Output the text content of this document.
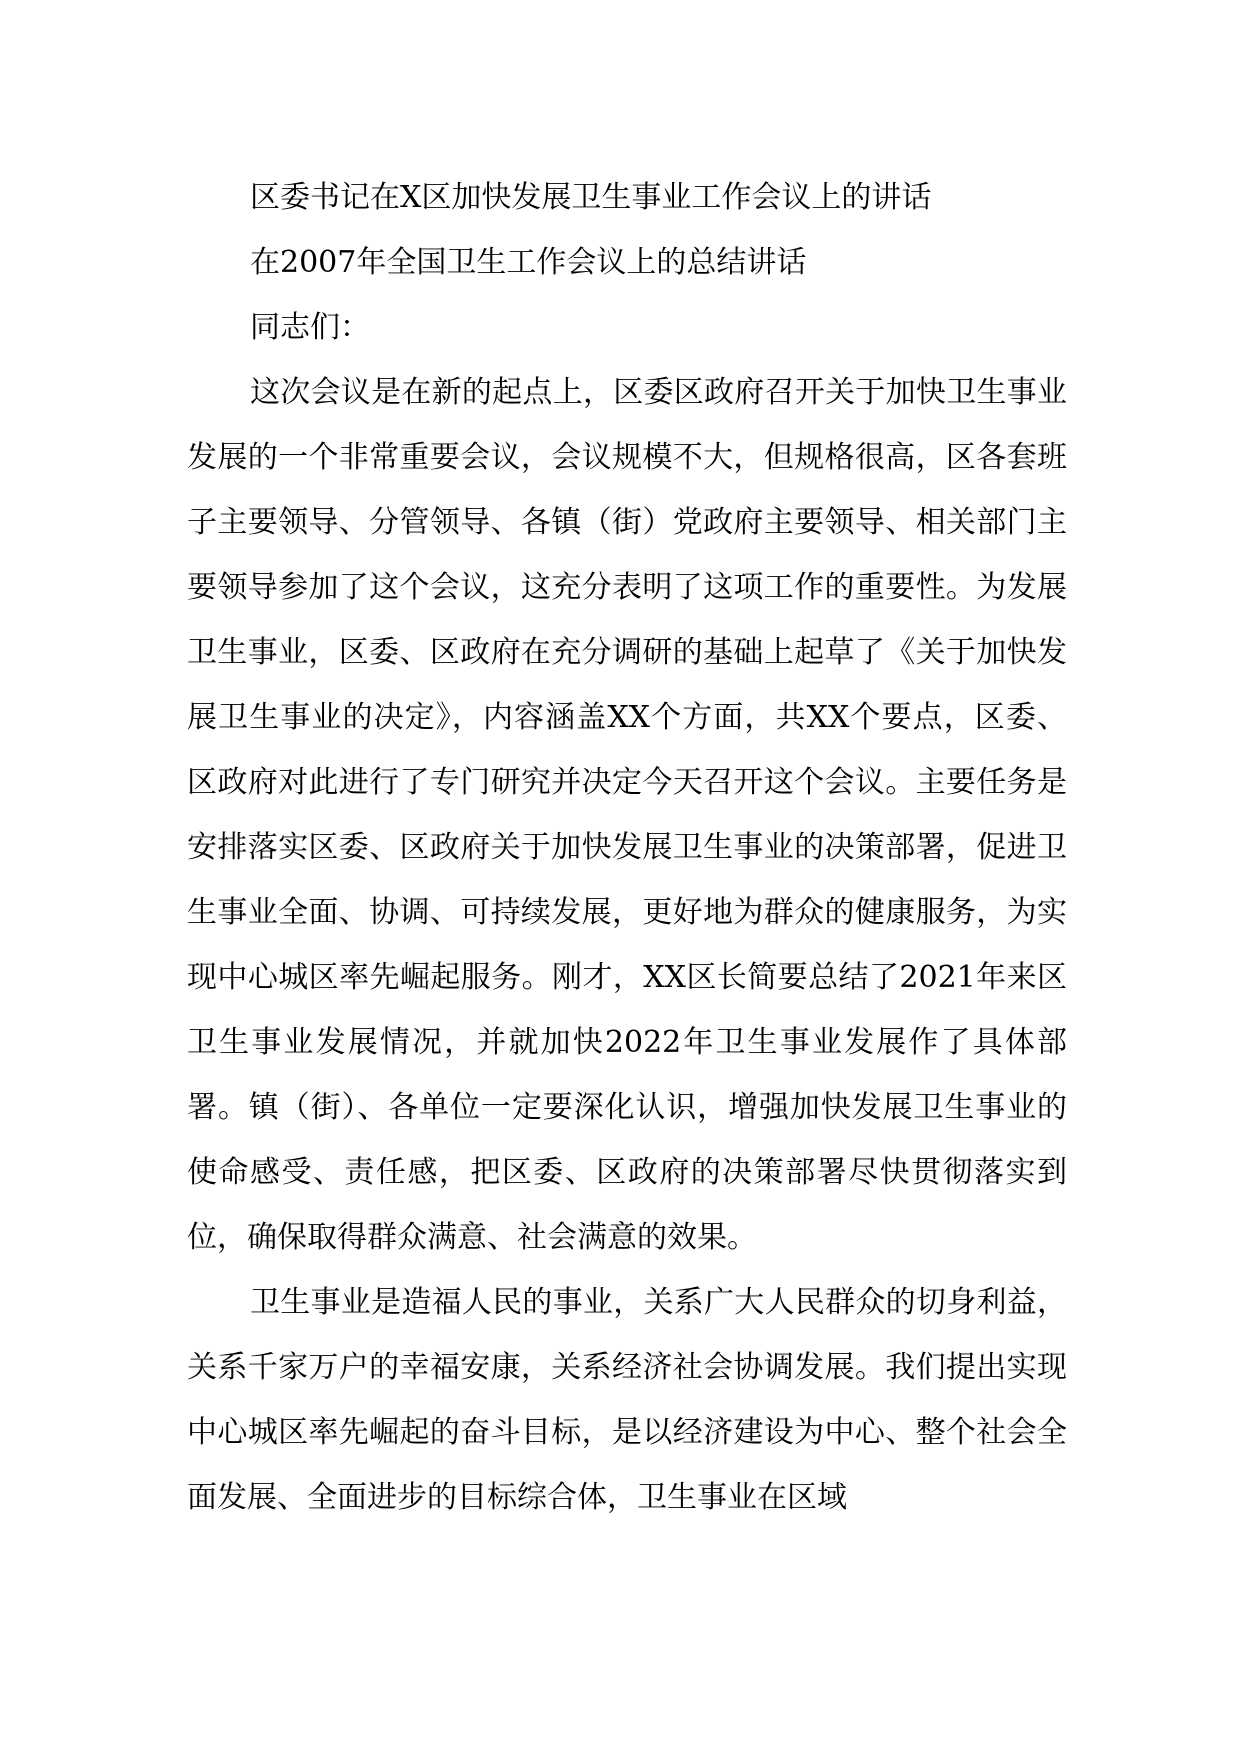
区委书记在X区加快发展卫生事业工作会议上的讲话

在2007年全国卫生工作会议上的总结讲话

同志们：

这次会议是在新的起点上，区委区政府召开关于加快卫生事业发展的一个非常重要会议，会议规模不大，但规格很高，区各套班子主要领导、分管领导、各镇（街）党政府主要领导、相关部门主要领导参加了这个会议，这充分表明了这项工作的重要性。为发展卫生事业，区委、区政府在充分调研的基础上起草了《关于加快发展卫生事业的决定》，内容涵盖XX个方面，共XX个要点，区委、区政府对此进行了专门研究并决定今天召开这个会议。主要任务是安排落实区委、区政府关于加快发展卫生事业的决策部署，促进卫生事业全面、协调、可持续发展，更好地为群众的健康服务，为实现中心城区率先崛起服务。刚才，XX区长简要总结了2021年来区卫生事业发展情况，并就加快2022年卫生事业发展作了具体部署。镇（街）、各单位一定要深化认识，增强加快发展卫生事业的使命感受、责任感，把区委、区政府的决策部署尽快贯彻落实到位，确保取得群众满意、社会满意的效果。

卫生事业是造福人民的事业，关系广大人民群众的切身利益，关系千家万户的幸福安康，关系经济社会协调发展。我们提出实现中心城区率先崛起的奋斗目标，是以经济建设为中心、整个社会全面发展、全面进步的目标综合体，卫生事业在区域
